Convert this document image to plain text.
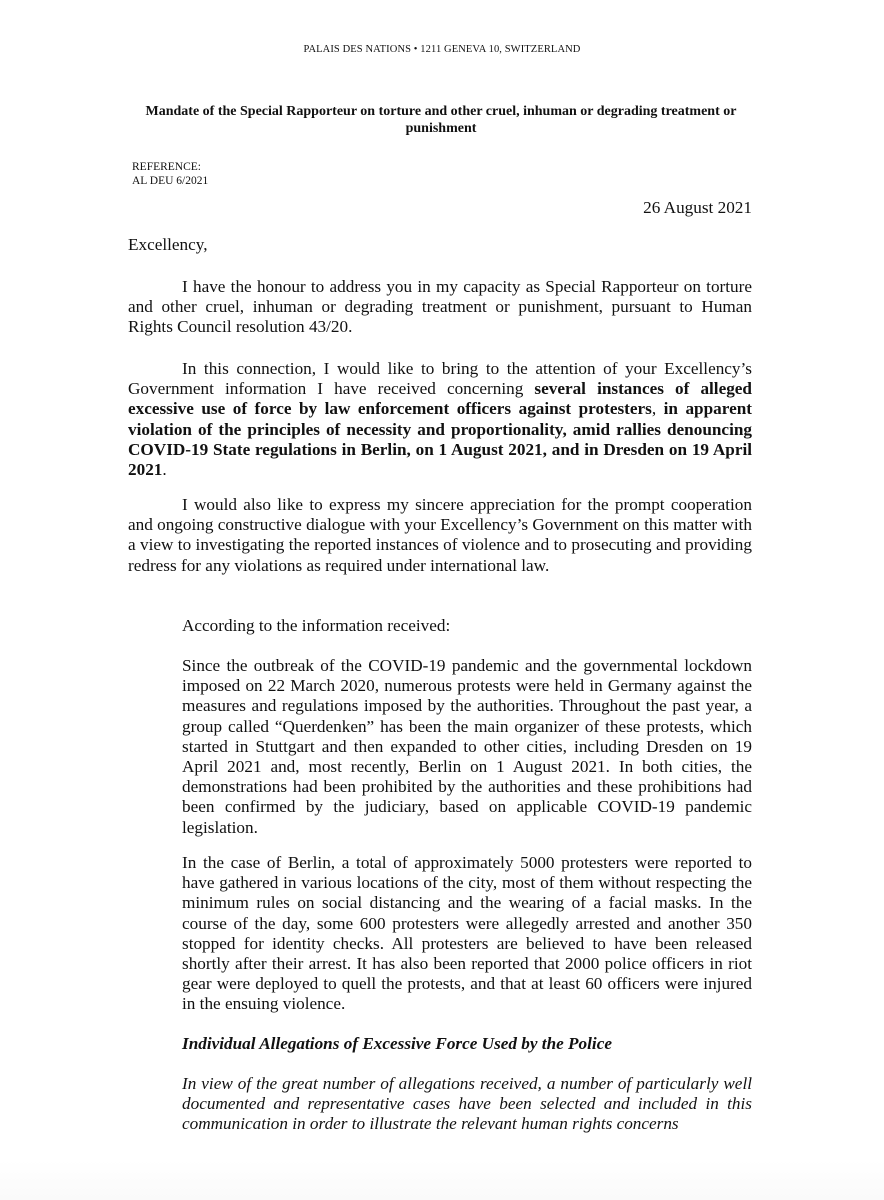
PALAIS DES NATIONS • 1211 GENEVA 10, SWITZERLAND
Mandate of the Special Rapporteur on torture and other cruel, inhuman or degrading treatment or punishment
REFERENCE:
AL DEU 6/2021
26 August 2021
Excellency,

I have the honour to address you in my capacity as Special Rapporteur on torture and other cruel, inhuman or degrading treatment or punishment, pursuant to Human Rights Council resolution 43/20.

In this connection, I would like to bring to the attention of your Excellency’s Government information I have received concerning several instances of alleged excessive use of force by law enforcement officers against protesters, in apparent violation of the principles of necessity and proportionality, amid rallies denouncing COVID-19 State regulations in Berlin, on 1 August 2021, and in Dresden on 19 April 2021.

I would also like to express my sincere appreciation for the prompt cooperation and ongoing constructive dialogue with your Excellency’s Government on this matter with a view to investigating the reported instances of violence and to prosecuting and providing redress for any violations as required under international law.

According to the information received:

Since the outbreak of the COVID-19 pandemic and the governmental lockdown imposed on 22 March 2020, numerous protests were held in Germany against the measures and regulations imposed by the authorities. Throughout the past year, a group called “Querdenken” has been the main organizer of these protests, which started in Stuttgart and then expanded to other cities, including Dresden on 19 April 2021 and, most recently, Berlin on 1 August 2021. In both cities, the demonstrations had been prohibited by the authorities and these prohibitions had been confirmed by the judiciary, based on applicable COVID-19 pandemic legislation.

In the case of Berlin, a total of approximately 5000 protesters were reported to have gathered in various locations of the city, most of them without respecting the minimum rules on social distancing and the wearing of a facial masks. In the course of the day, some 600 protesters were allegedly arrested and another 350 stopped for identity checks. All protesters are believed to have been released shortly after their arrest. It has also been reported that 2000 police officers in riot gear were deployed to quell the protests, and that at least 60 officers were injured in the ensuing violence.

Individual Allegations of Excessive Force Used by the Police

In view of the great number of allegations received, a number of particularly well documented and representative cases have been selected and included in this communication in order to illustrate the relevant human rights concerns
